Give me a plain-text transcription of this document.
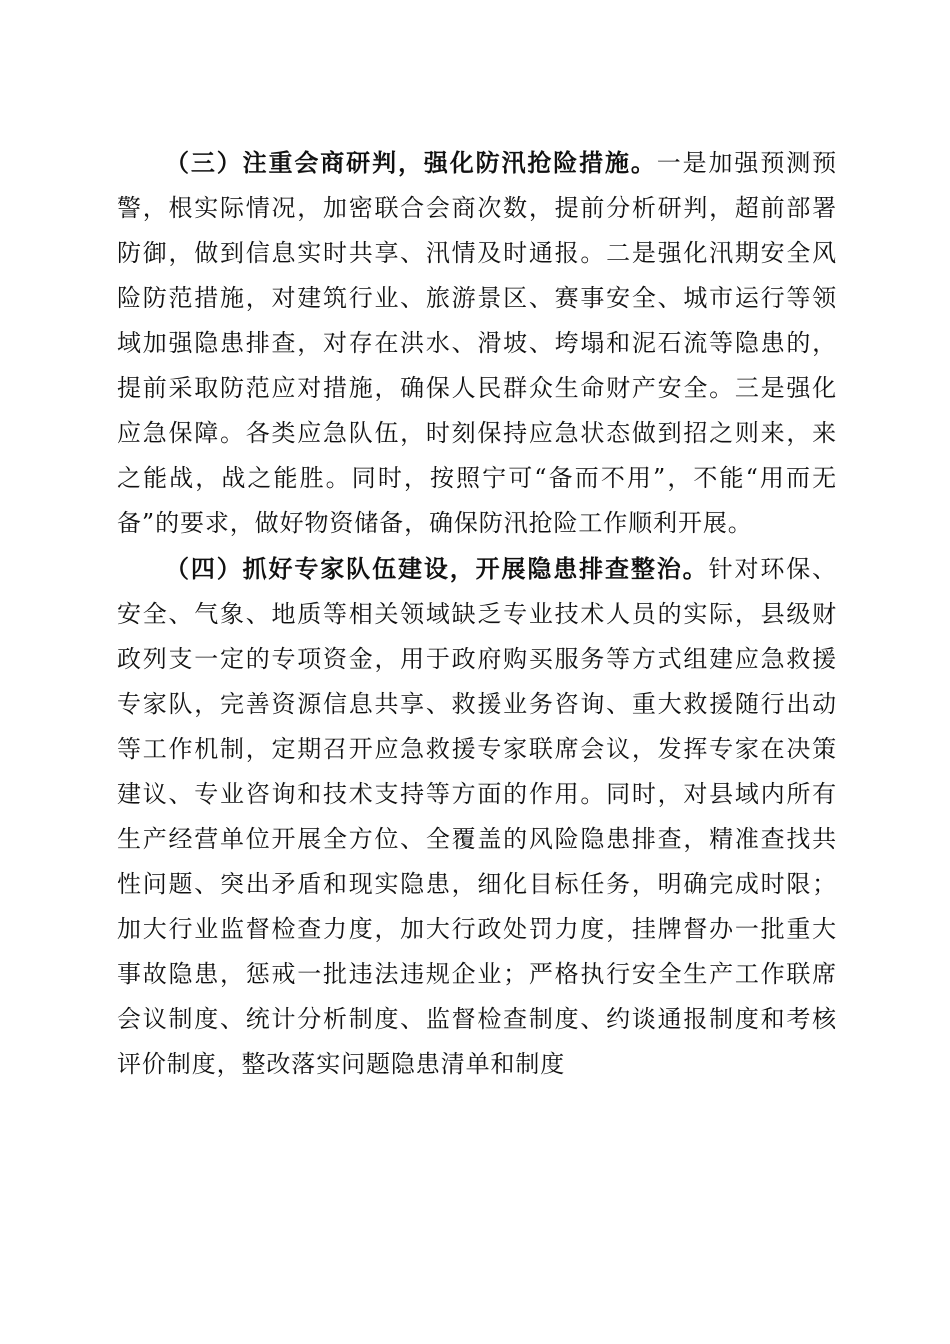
（三）注重会商研判，强化防汛抢险措施。一是加强预测预警，根实际情况，加密联合会商次数，提前分析研判，超前部署防御，做到信息实时共享、汛情及时通报。二是强化汛期安全风险防范措施，对建筑行业、旅游景区、赛事安全、城市运行等领域加强隐患排查，对存在洪水、滑坡、垮塌和泥石流等隐患的，提前采取防范应对措施，确保人民群众生命财产安全。三是强化应急保障。各类应急队伍，时刻保持应急状态做到招之则来，来之能战，战之能胜。同时，按照宁可“备而不用”，不能“用而无备”的要求，做好物资储备，确保防汛抢险工作顺利开展。

（四）抓好专家队伍建设，开展隐患排查整治。针对环保、安全、气象、地质等相关领域缺乏专业技术人员的实际，县级财政列支一定的专项资金，用于政府购买服务等方式组建应急救援专家队，完善资源信息共享、救援业务咨询、重大救援随行出动等工作机制，定期召开应急救援专家联席会议，发挥专家在决策建议、专业咨询和技术支持等方面的作用。同时，对县域内所有生产经营单位开展全方位、全覆盖的风险隐患排查，精准查找共性问题、突出矛盾和现实隐患，细化目标任务，明确完成时限；加大行业监督检查力度，加大行政处罚力度，挂牌督办一批重大事故隐患，惩戒一批违法违规企业；严格执行安全生产工作联席会议制度、统计分析制度、监督检查制度、约谈通报制度和考核评价制度，整改落实问题隐患清单和制度
